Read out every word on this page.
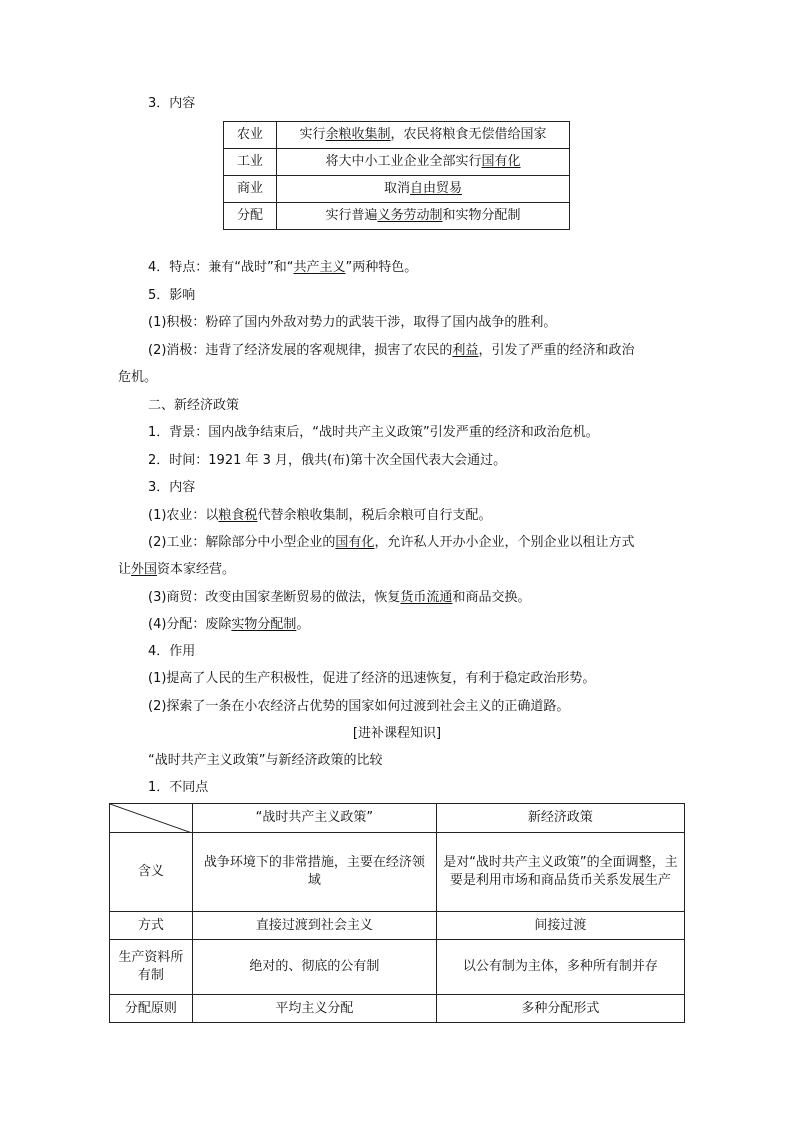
3．内容
农业	实行余粮收集制，农民将粮食无偿借给国家
工业	将大中小工业企业全部实行国有化
商业	取消自由贸易
分配	实行普遍义务劳动制和实物分配制
4．特点：兼有“战时”和“共产主义”两种特色。
5．影响
(1)积极：粉碎了国内外敌对势力的武装干涉，取得了国内战争的胜利。
(2)消极：违背了经济发展的客观规律，损害了农民的利益，引发了严重的经济和政治
危机。
二、新经济政策
1．背景：国内战争结束后，“战时共产主义政策”引发严重的经济和政治危机。
2．时间：1921 年 3 月，俄共(布)第十次全国代表大会通过。
3．内容
(1)农业：以粮食税代替余粮收集制，税后余粮可自行支配。
(2)工业：解除部分中小型企业的国有化，允许私人开办小企业，个别企业以租让方式
让外国资本家经营。
(3)商贸：改变由国家垄断贸易的做法，恢复货币流通和商品交换。
(4)分配：废除实物分配制。
4．作用
(1)提高了人民的生产积极性，促进了经济的迅速恢复，有利于稳定政治形势。
(2)探索了一条在小农经济占优势的国家如何过渡到社会主义的正确道路。
[进补课程知识]
“战时共产主义政策”与新经济政策的比较
1．不同点
	“战时共产主义政策”	新经济政策
含义	战争环境下的非常措施，主要在经济领域	是对“战时共产主义政策”的全面调整，主要是利用市场和商品货币关系发展生产
方式	直接过渡到社会主义	间接过渡
生产资料所有制	绝对的、彻底的公有制	以公有制为主体，多种所有制并存
分配原则	平均主义分配	多种分配形式
